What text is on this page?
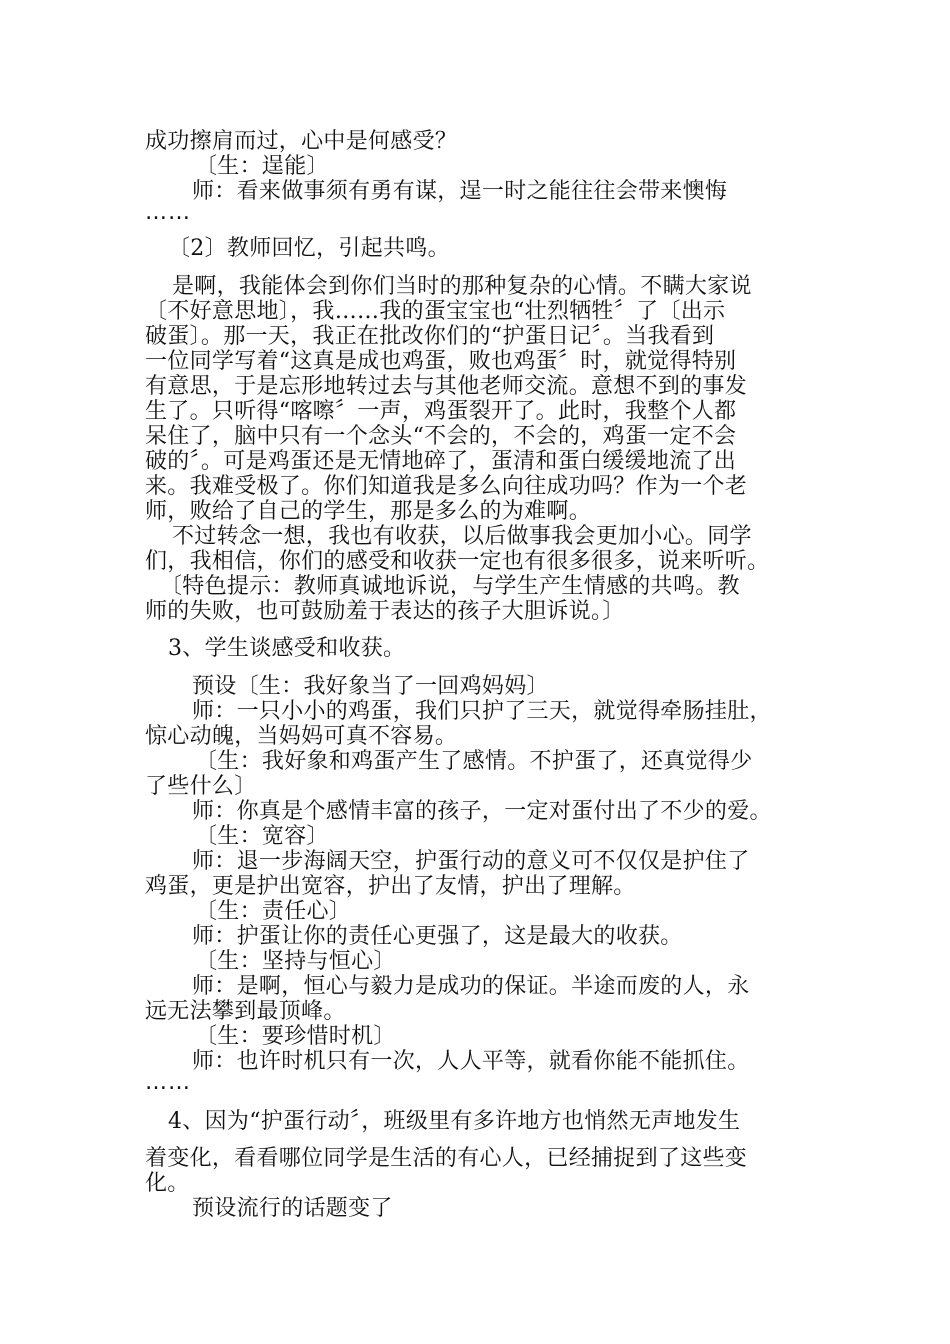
成功擦肩而过，心中是何感受？
〔生：逞能〕
师：看来做事须有勇有谋，逞一时之能往往会带来懊悔
……
〔2〕教师回忆，引起共鸣。
是啊，我能体会到你们当时的那种复杂的心情。不瞒大家说
〔不好意思地〕，我……我的蛋宝宝也“壮烈牺牲〞了〔出示
破蛋〕。那一天，我正在批改你们的“护蛋日记〞。当我看到
一位同学写着“这真是成也鸡蛋，败也鸡蛋〞时，就觉得特别
有意思，于是忘形地转过去与其他老师交流。意想不到的事发
生了。只听得“喀嚓〞一声，鸡蛋裂开了。此时，我整个人都
呆住了，脑中只有一个念头“不会的，不会的，鸡蛋一定不会
破的〞。可是鸡蛋还是无情地碎了，蛋清和蛋白缓缓地流了出
来。我难受极了。你们知道我是多么向往成功吗？作为一个老
师，败给了自己的学生，那是多么的为难啊。
不过转念一想，我也有收获，以后做事我会更加小心。同学
们，我相信，你们的感受和收获一定也有很多很多，说来听听。
〔特色提示：教师真诚地诉说，与学生产生情感的共鸣。教
师的失败，也可鼓励羞于表达的孩子大胆诉说。〕
3、学生谈感受和收获。
预设〔生：我好象当了一回鸡妈妈〕
师：一只小小的鸡蛋，我们只护了三天，就觉得牵肠挂肚，
惊心动魄，当妈妈可真不容易。
〔生：我好象和鸡蛋产生了感情。不护蛋了，还真觉得少
了些什么〕
师：你真是个感情丰富的孩子，一定对蛋付出了不少的爱。
〔生：宽容〕
师：退一步海阔天空，护蛋行动的意义可不仅仅是护住了
鸡蛋，更是护出宽容，护出了友情，护出了理解。
〔生：责任心〕
师：护蛋让你的责任心更强了，这是最大的收获。
〔生：坚持与恒心〕
师：是啊，恒心与毅力是成功的保证。半途而废的人，永
远无法攀到最顶峰。
〔生：要珍惜时机〕
师：也许时机只有一次，人人平等，就看你能不能抓住。
……
4、因为“护蛋行动〞，班级里有多许地方也悄然无声地发生
着变化，看看哪位同学是生活的有心人，已经捕捉到了这些变
化。
预设流行的话题变了
